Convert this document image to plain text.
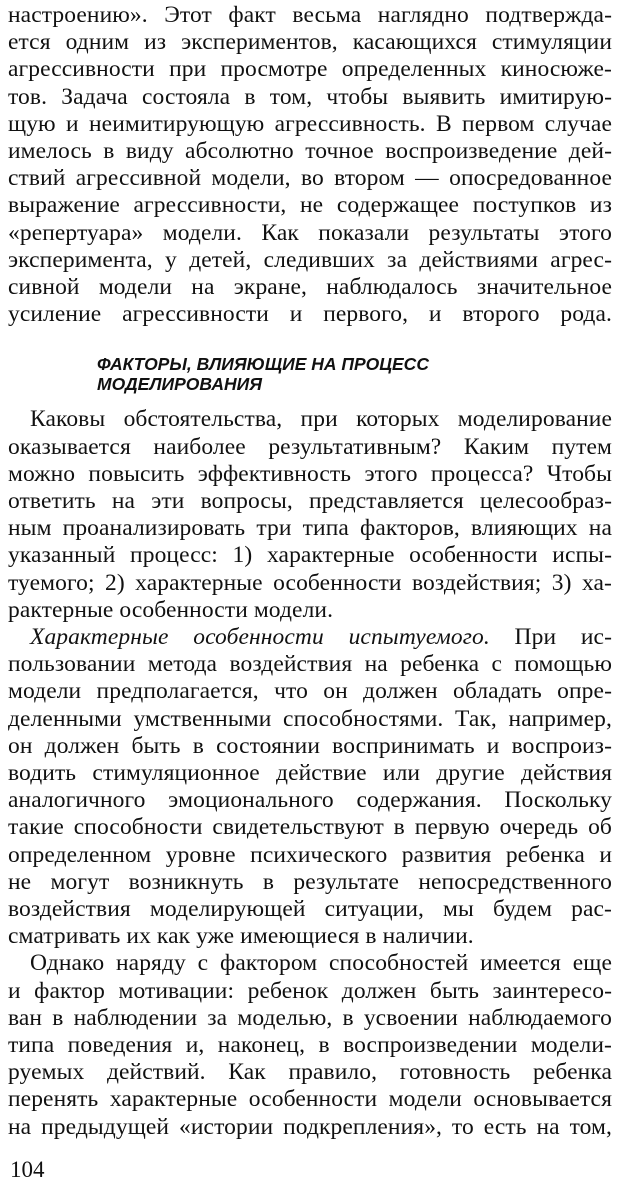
настроению». Этот факт весьма наглядно подтвержда-
ется одним из экспериментов, касающихся стимуляции
агрессивности при просмотре определенных киносюже-
тов. Задача состояла в том, чтобы выявить имитирую-
щую и неимитирующую агрессивность. В первом случае
имелось в виду абсолютно точное воспроизведение дей-
ствий агрессивной модели, во втором — опосредованное
выражение агрессивности, не содержащее поступков из
«репертуара» модели. Как показали результаты этого
эксперимента, у детей, следивших за действиями агрес-
сивной модели на экране, наблюдалось значительное
усиление агрессивности и первого, и второго рода.
ФАКТОРЫ, ВЛИЯЮЩИЕ НА ПРОЦЕСС
МОДЕЛИРОВАНИЯ
Каковы обстоятельства, при которых моделирование
оказывается наиболее результативным? Каким путем
можно повысить эффективность этого процесса? Чтобы
ответить на эти вопросы, представляется целесообраз-
ным проанализировать три типа факторов, влияющих на
указанный процесс: 1) характерные особенности испы-
туемого; 2) характерные особенности воздействия; 3) ха-
рактерные особенности модели.
Характерные особенности испытуемого. При ис-
пользовании метода воздействия на ребенка с помощью
модели предполагается, что он должен обладать опре-
деленными умственными способностями. Так, например,
он должен быть в состоянии воспринимать и воспроиз-
водить стимуляционное действие или другие действия
аналогичного эмоционального содержания. Поскольку
такие способности свидетельствуют в первую очередь об
определенном уровне психического развития ребенка и
не могут возникнуть в результате непосредственного
воздействия моделирующей ситуации, мы будем рас-
сматривать их как уже имеющиеся в наличии.
Однако наряду с фактором способностей имеется еще
и фактор мотивации: ребенок должен быть заинтересо-
ван в наблюдении за моделью, в усвоении наблюдаемого
типа поведения и, наконец, в воспроизведении модели-
руемых действий. Как правило, готовность ребенка
перенять характерные особенности модели основывается
на предыдущей «истории подкрепления», то есть на том,
104
